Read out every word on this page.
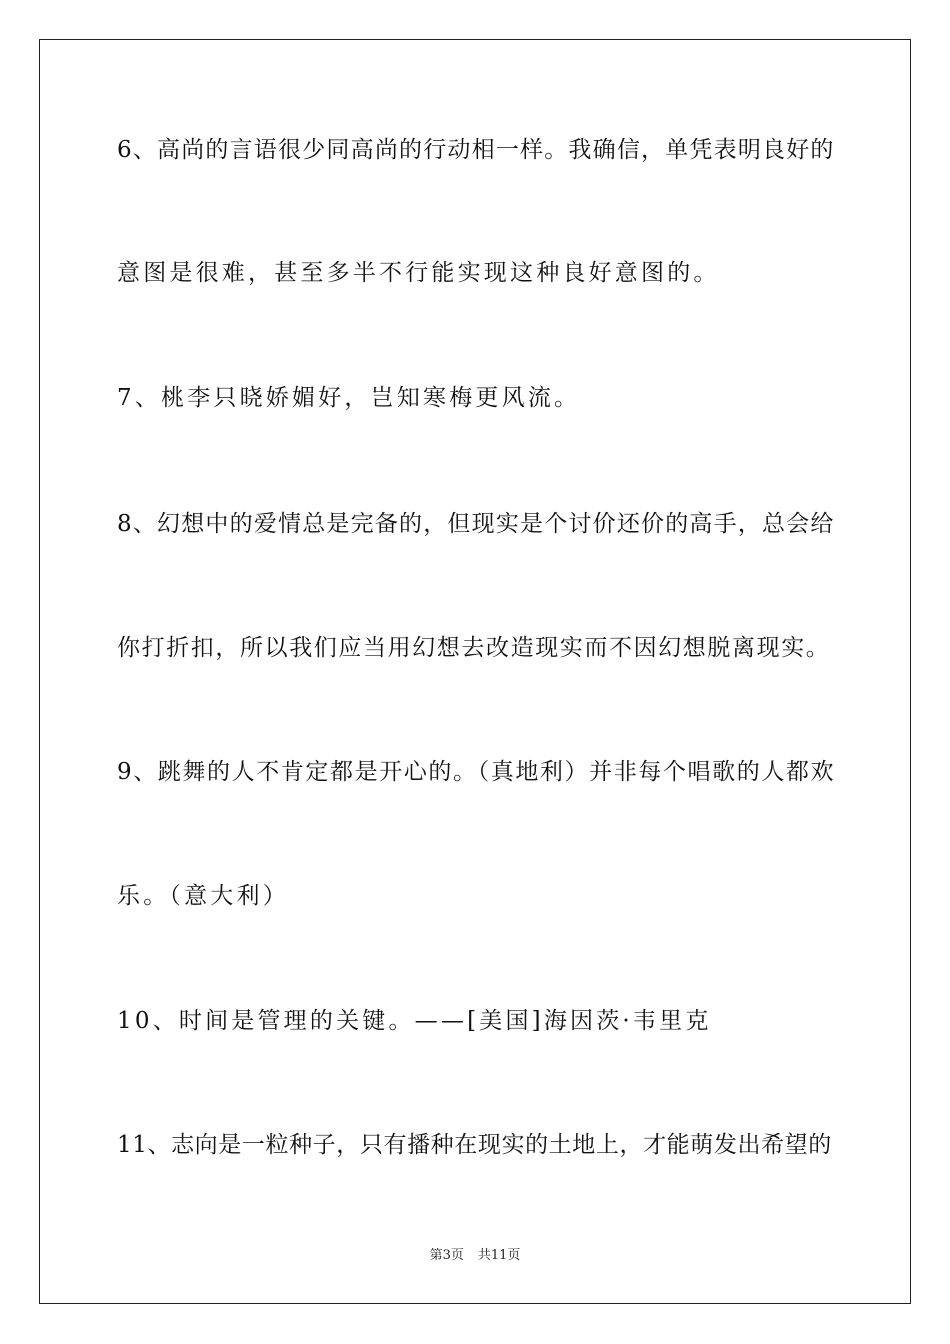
6、高尚的言语很少同高尚的行动相一样。我确信，单凭表明良好的
意图是很难，甚至多半不行能实现这种良好意图的。
7、桃李只晓娇媚好，岂知寒梅更风流。
8、幻想中的爱情总是完备的，但现实是个讨价还价的高手，总会给
你打折扣，所以我们应当用幻想去改造现实而不因幻想脱离现实。
9、跳舞的人不肯定都是开心的。（真地利）并非每个唱歌的人都欢
乐。（意大利）
10、时间是管理的关键。——[美国]海因茨·韦里克
11、志向是一粒种子，只有播种在现实的土地上，才能萌发出希望的
第3页 共11页
